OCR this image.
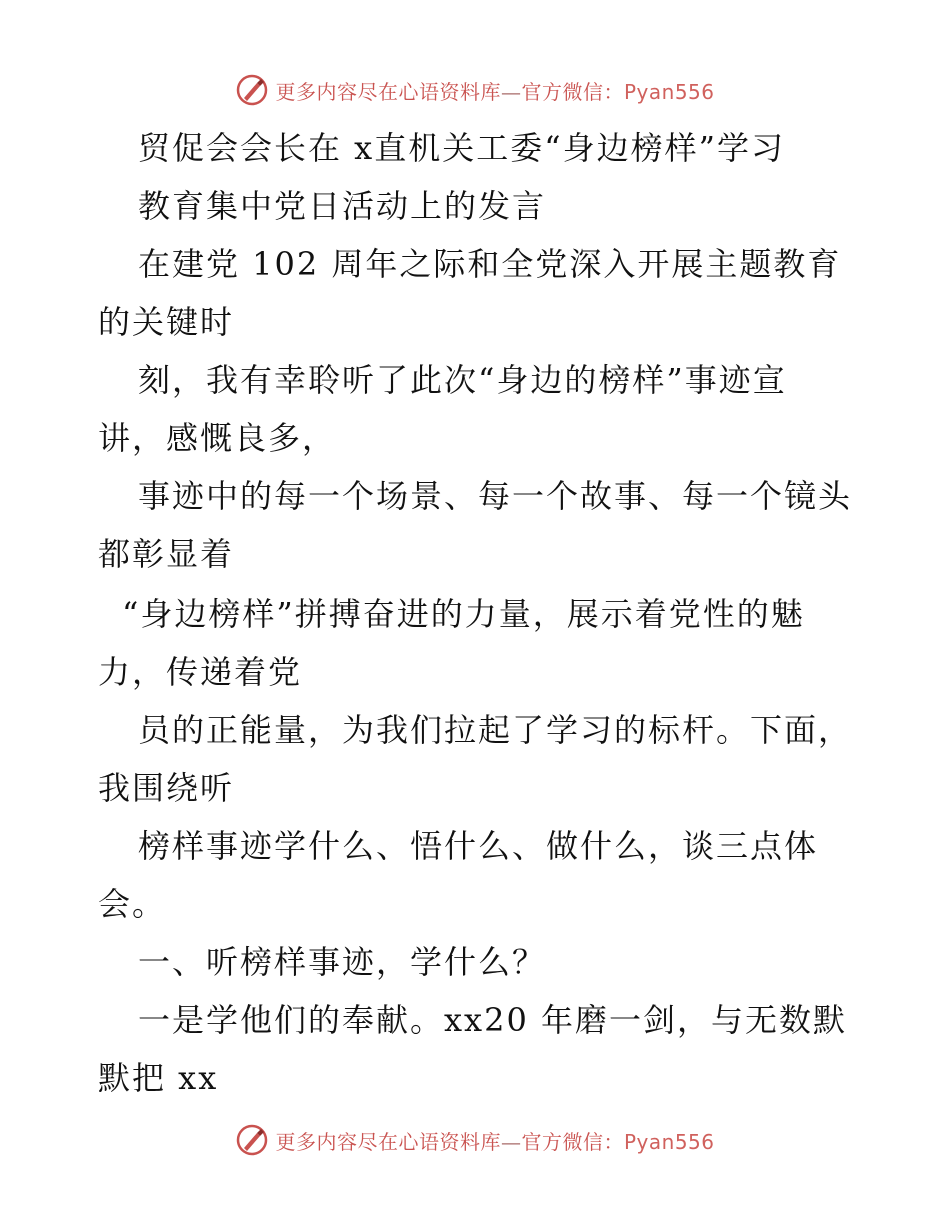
更多内容尽在心语资料库—官方微信：Pyan556
贸促会会长在 x直机关工委“身边榜样”学习
教育集中党日活动上的发言
在建党 102 周年之际和全党深入开展主题教育
的关键时
刻，我有幸聆听了此次“身边的榜样”事迹宣
讲，感慨良多，
事迹中的每一个场景、每一个故事、每一个镜头
都彰显着
“身边榜样”拼搏奋进的力量，展示着党性的魅
力，传递着党
员的正能量，为我们拉起了学习的标杆。下面，
我围绕听
榜样事迹学什么、悟什么、做什么，谈三点体
会。
一、听榜样事迹，学什么？
一是学他们的奉献。xx20 年磨一剑，与无数默
默把 xx
更多内容尽在心语资料库—官方微信：Pyan556
